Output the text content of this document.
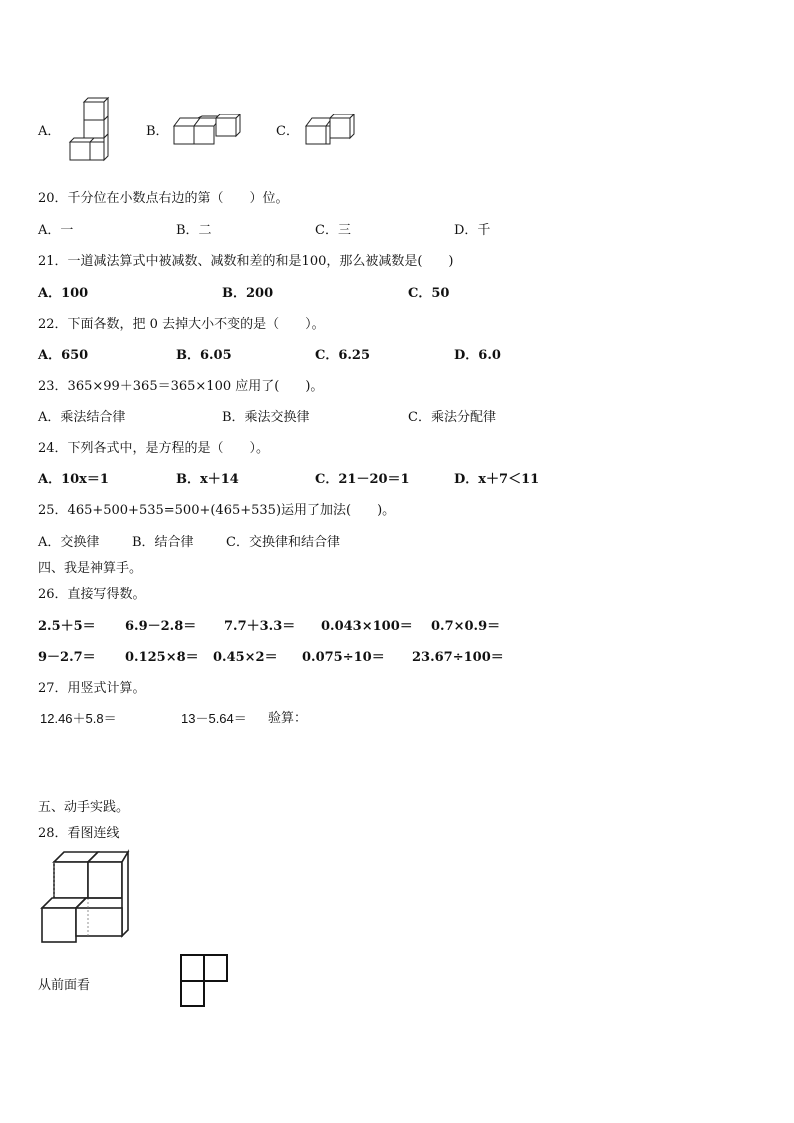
A．	B．	C．
20．千分位在小数点右边的第（　　）位。
A．一	B．二	C．三	D．千
21．一道减法算式中被减数、减数和差的和是100，那么被减数是(　　)
A．100	B．200	C．50
22．下面各数，把 0 去掉大小不变的是（　　）。
A．650	B．6.05	C．6.25	D．6.0
23．365×99＋365＝365×100 应用了(　　)。
A．乘法结合律	B．乘法交换律	C．乘法分配律
24．下列各式中，是方程的是（　　）。
A．10x＝1	B．x＋14	C．21－20＝1	D．x＋7＜11
25．465+500+535=500+(465+535)运用了加法(　　)。
A．交换律	B．结合律 C．交换律和结合律
四、我是神算手。
26．直接写得数。
2.5＋5＝ 6.9－2.8＝ 7.7＋3.3＝ 0.043×100＝ 0.7×0.9＝
9－2.7＝ 0.125×8＝ 0.45×2＝ 0.075÷10＝ 23.67÷100＝
27．用竖式计算。
12.46＋5.8＝	13－5.64＝ 验算：
五、动手实践。
28．看图连线
从前面看
